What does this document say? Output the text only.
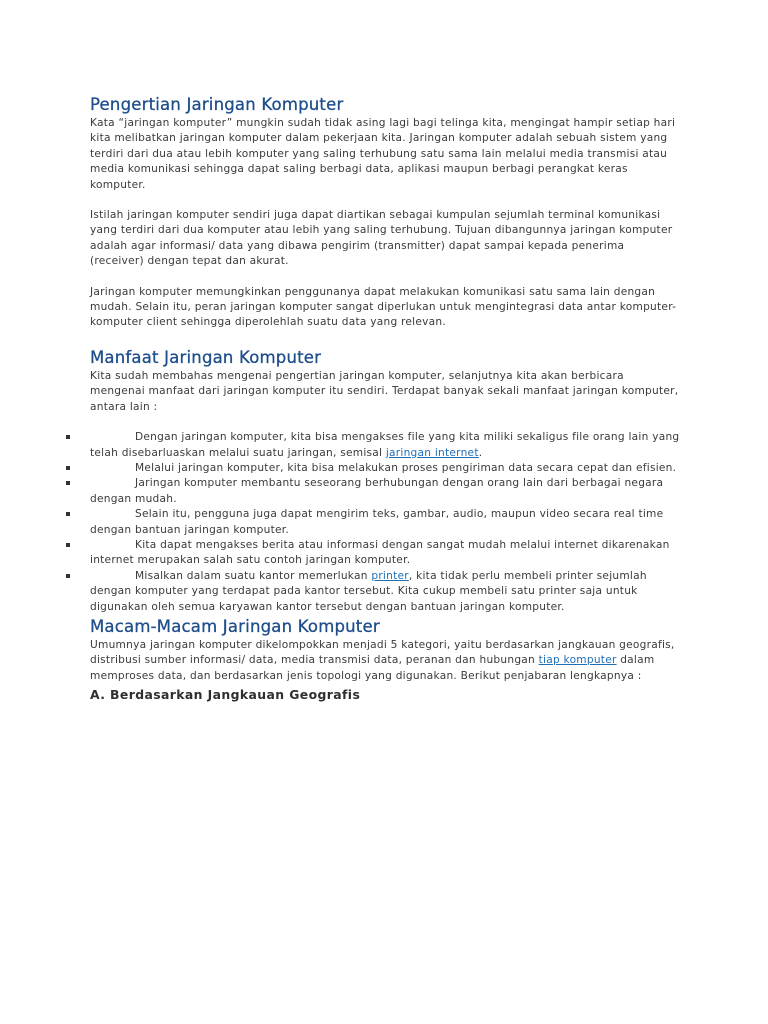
Pengertian Jaringan Komputer

Kata “jaringan komputer” mungkin sudah tidak asing lagi bagi telinga kita, mengingat hampir setiap hari kita melibatkan jaringan komputer dalam pekerjaan kita. Jaringan komputer adalah sebuah sistem yang terdiri dari dua atau lebih komputer yang saling terhubung satu sama lain melalui media transmisi atau media komunikasi sehingga dapat saling berbagi data, aplikasi maupun berbagi perangkat keras komputer.

Istilah jaringan komputer sendiri juga dapat diartikan sebagai kumpulan sejumlah terminal komunikasi yang terdiri dari dua komputer atau lebih yang saling terhubung. Tujuan dibangunnya jaringan komputer adalah agar informasi/ data yang dibawa pengirim (transmitter) dapat sampai kepada penerima (receiver) dengan tepat dan akurat.

Jaringan komputer memungkinkan penggunanya dapat melakukan komunikasi satu sama lain dengan mudah. Selain itu, peran jaringan komputer sangat diperlukan untuk mengintegrasi data antar komputer-komputer client sehingga diperolehlah suatu data yang relevan.

Manfaat Jaringan Komputer

Kita sudah membahas mengenai pengertian jaringan komputer, selanjutnya kita akan berbicara mengenai manfaat dari jaringan komputer itu sendiri. Terdapat banyak sekali manfaat jaringan komputer, antara lain :

Dengan jaringan komputer, kita bisa mengakses file yang kita miliki sekaligus file orang lain yang telah disebarluaskan melalui suatu jaringan, semisal jaringan internet.
Melalui jaringan komputer, kita bisa melakukan proses pengiriman data secara cepat dan efisien.
Jaringan komputer membantu seseorang berhubungan dengan orang lain dari berbagai negara dengan mudah.
Selain itu, pengguna juga dapat mengirim teks, gambar, audio, maupun video secara real time dengan bantuan jaringan komputer.
Kita dapat mengakses berita atau informasi dengan sangat mudah melalui internet dikarenakan internet merupakan salah satu contoh jaringan komputer.
Misalkan dalam suatu kantor memerlukan printer, kita tidak perlu membeli printer sejumlah dengan komputer yang terdapat pada kantor tersebut. Kita cukup membeli satu printer saja untuk digunakan oleh semua karyawan kantor tersebut dengan bantuan jaringan komputer.
Macam-Macam Jaringan Komputer

Umumnya jaringan komputer dikelompokkan menjadi 5 kategori, yaitu berdasarkan jangkauan geografis, distribusi sumber informasi/ data, media transmisi data, peranan dan hubungan tiap komputer dalam memproses data, dan berdasarkan jenis topologi yang digunakan. Berikut penjabaran lengkapnya :

A. Berdasarkan Jangkauan Geografis
